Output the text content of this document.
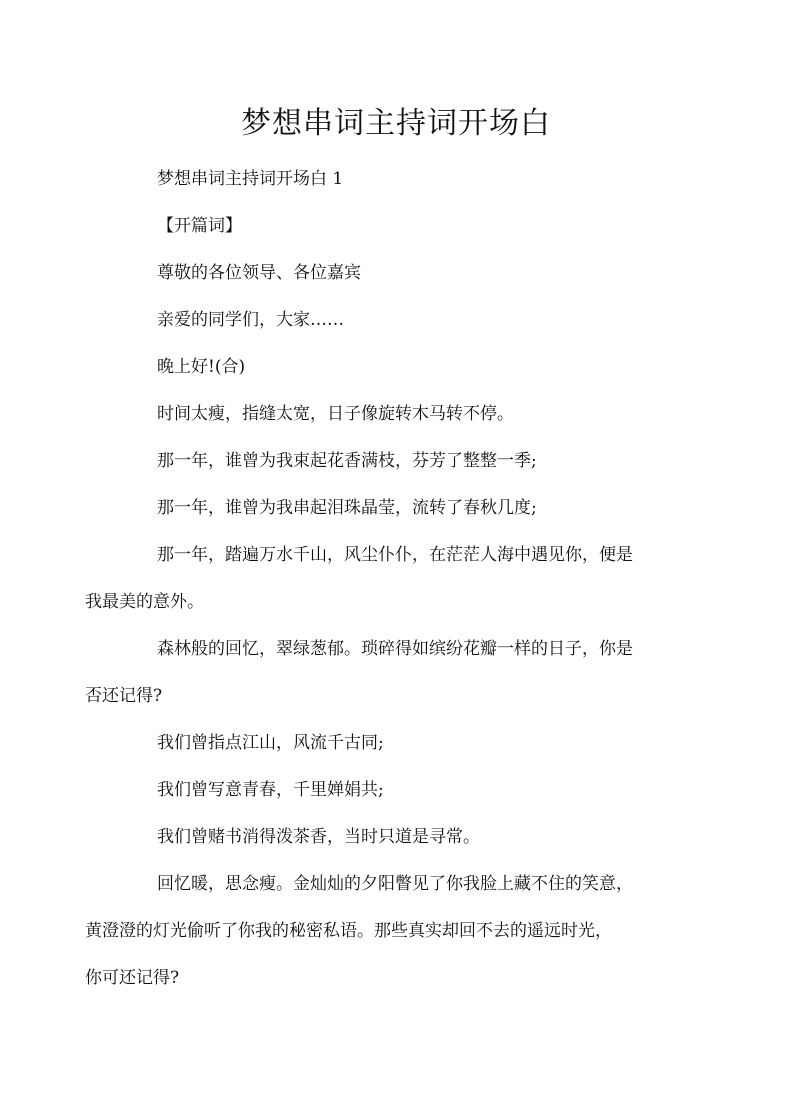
梦想串词主持词开场白

梦想串词主持词开场白 1

【开篇词】

尊敬的各位领导、各位嘉宾

亲爱的同学们，大家……

晚上好!(合)

时间太瘦，指缝太宽，日子像旋转木马转不停。

那一年，谁曾为我束起花香满枝，芬芳了整整一季;

那一年，谁曾为我串起泪珠晶莹，流转了春秋几度;

那一年，踏遍万水千山，风尘仆仆，在茫茫人海中遇见你，便是
我最美的意外。

森林般的回忆，翠绿葱郁。琐碎得如缤纷花瓣一样的日子，你是
否还记得?

我们曾指点江山，风流千古同;

我们曾写意青春，千里婵娟共;

我们曾赌书消得泼茶香，当时只道是寻常。

回忆暖，思念瘦。金灿灿的夕阳瞥见了你我脸上藏不住的笑意，
黄澄澄的灯光偷听了你我的秘密私语。那些真实却回不去的遥远时光，
你可还记得?
